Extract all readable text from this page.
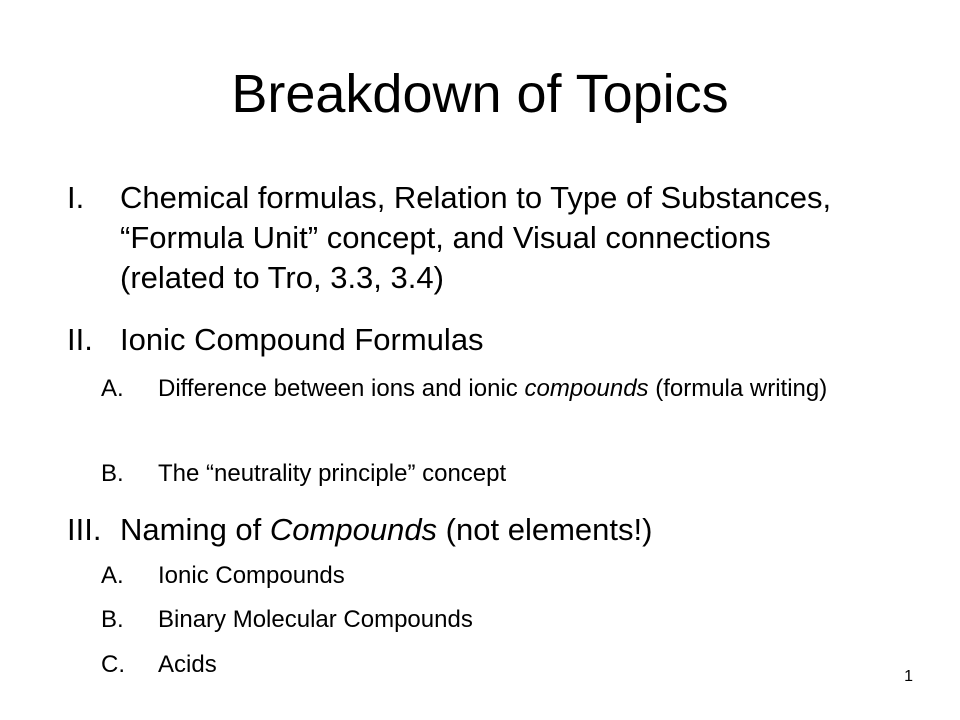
Breakdown of Topics
I. Chemical formulas, Relation to Type of Substances, “Formula Unit” concept, and Visual connections (related to Tro, 3.3, 3.4)
II. Ionic Compound Formulas
A. Difference between ions and ionic compounds (formula writing)
B. The “neutrality principle” concept
III. Naming of Compounds (not elements!)
A. Ionic Compounds
B. Binary Molecular Compounds
C. Acids	1
